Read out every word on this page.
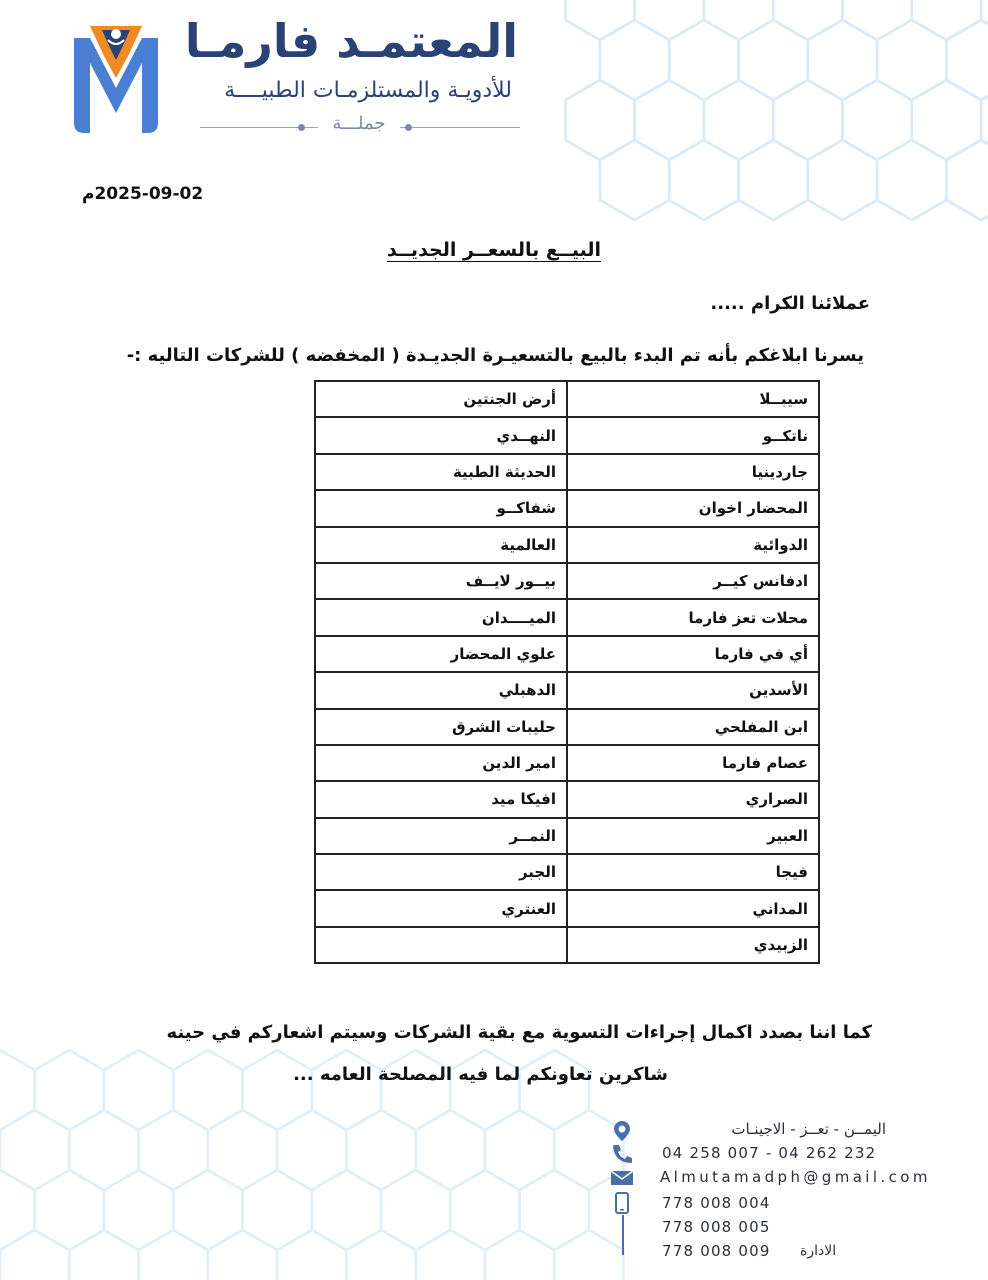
المعتمـد فارمـا
للأدويـة والمستلزمـات الطبيــــة
جملـــة
2025-09-02م
البيــع بالسعــر الجديــد
عملائنا الكرام .....
يسرنا ابلاغكم بأنه تم البدء بالبيع بالتسعيـرة الجديـدة ( المخفضه ) للشركات التاليه :-
سيبــلا	أرض الجنتين
ناتكــو	النهــدي
جاردينيا	الحديثة الطبية
المحضار اخوان	شفاكــو
الدوائية	العالمية
ادفانس كيــر	بيــور لايــف
محلات تعز فارما	الميــــدان
أي في فارما	علوي المحضار
الأسدين	الدهبلي
ابن المفلحي	حليبات الشرق
عصام فارما	امير الدين
الصراري	افيكا ميد
العبير	النمــر
فيجا	الجبر
المداني	العنتري
الزبيدي	
كما اننا بصدد اكمال إجراءات التسوية مع بقية الشركات وسيتم اشعاركم في حينه
شاكرين تعاونكم لما فيه المصلحة العامه ...
اليمــن - تعــز - الاجينـات
04 258 007 - 04 262 232
Almutamadph@gmail.com
778 008 004
778 008 005
778 008 009 الادارة
